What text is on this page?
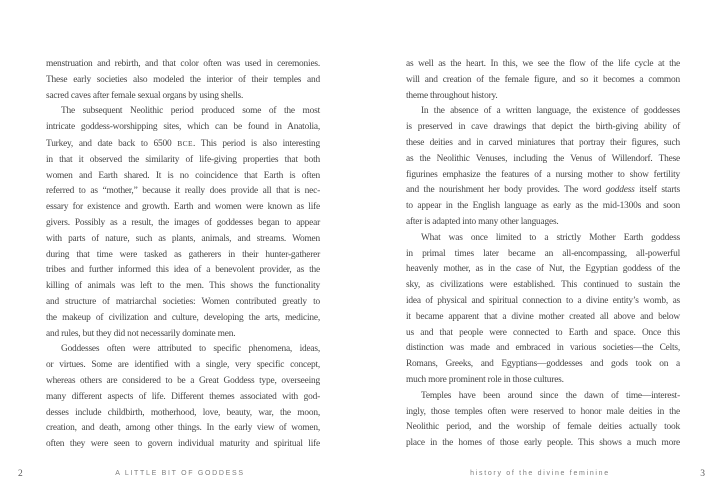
menstruation and rebirth, and that color often was used in ceremonies.
These early societies also modeled the interior of their temples and
sacred caves after female sexual organs by using shells.

The subsequent Neolithic period produced some of the most
intricate goddess-worshipping sites, which can be found in Anatolia,
Turkey, and date back to 6500 BCE. This period is also interesting
in that it observed the similarity of life-giving properties that both
women and Earth shared. It is no coincidence that Earth is often
referred to as “mother,” because it really does provide all that is nec-
essary for existence and growth. Earth and women were known as life
givers. Possibly as a result, the images of goddesses began to appear
with parts of nature, such as plants, animals, and streams. Women
during that time were tasked as gatherers in their hunter-gatherer
tribes and further informed this idea of a benevolent provider, as the
killing of animals was left to the men. This shows the functionality
and structure of matriarchal societies: Women contributed greatly to
the makeup of civilization and culture, developing the arts, medicine,
and rules, but they did not necessarily dominate men.

Goddesses often were attributed to specific phenomena, ideas,
or virtues. Some are identified with a single, very specific concept,
whereas others are considered to be a Great Goddess type, overseeing
many different aspects of life. Different themes associated with god-
desses include childbirth, motherhood, love, beauty, war, the moon,
creation, and death, among other things. In the early view of women,
often they were seen to govern individual maturity and spiritual life

2	A LITTLE BIT OF GODDESS

as well as the heart. In this, we see the flow of the life cycle at the
will and creation of the female figure, and so it becomes a common
theme throughout history.

In the absence of a written language, the existence of goddesses
is preserved in cave drawings that depict the birth-giving ability of
these deities and in carved miniatures that portray their figures, such
as the Neolithic Venuses, including the Venus of Willendorf. These
figurines emphasize the features of a nursing mother to show fertility
and the nourishment her body provides. The word goddess itself starts
to appear in the English language as early as the mid-1300s and soon
after is adapted into many other languages.

What was once limited to a strictly Mother Earth goddess
in primal times later became an all-encompassing, all-powerful
heavenly mother, as in the case of Nut, the Egyptian goddess of the
sky, as civilizations were established. This continued to sustain the
idea of physical and spiritual connection to a divine entity’s womb, as
it became apparent that a divine mother created all above and below
us and that people were connected to Earth and space. Once this
distinction was made and embraced in various societies—the Celts,
Romans, Greeks, and Egyptians—goddesses and gods took on a
much more prominent role in those cultures.

Temples have been around since the dawn of time—interest-
ingly, those temples often were reserved to honor male deities in the
Neolithic period, and the worship of female deities actually took
place in the homes of those early people. This shows a much more

history of the divine feminine	3
